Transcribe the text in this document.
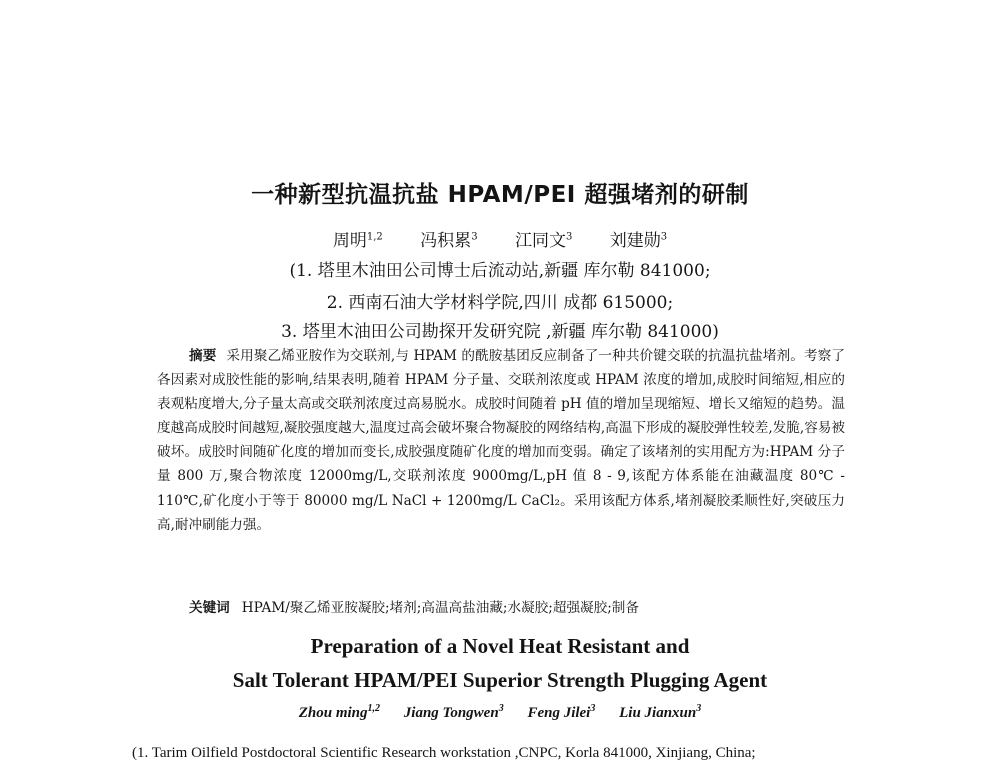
一种新型抗温抗盐 HPAM/PEI 超强堵剂的研制
周明$^{1,2}$ 冯积累$^3$ 江同文$^3$ 刘建勋$^3$
(1. 塔里木油田公司博士后流动站,新疆 库尔勒 841000;
2. 西南石油大学材料学院,四川 成都 615000;
3. 塔里木油田公司勘探开发研究院 ,新疆 库尔勒 841000)
摘要 采用聚乙烯亚胺作为交联剂,与 HPAM 的酰胺基团反应制备了一种共价键交联的抗温抗盐堵剂。考察了各因素对成胶性能的影响,结果表明,随着 HPAM 分子量、交联剂浓度或 HPAM 浓度的增加,成胶时间缩短,相应的表观粘度增大,分子量太高或交联剂浓度过高易脱水。成胶时间随着 pH 值的增加呈现缩短、增长又缩短的趋势。温度越高成胶时间越短,凝胶强度越大,温度过高会破坏聚合物凝胶的网络结构,高温下形成的凝胶弹性较差,发脆,容易被破坏。成胶时间随矿化度的增加而变长,成胶强度随矿化度的增加而变弱。确定了该堵剂的实用配方为:HPAM 分子量 800 万,聚合物浓度 12000mg/L,交联剂浓度 9000mg/L,pH 值 8 - 9,该配方体系能在油藏温度 80℃ - 110℃,矿化度小于等于 80000 mg/L NaCl + 1200mg/L CaCl₂。采用该配方体系,堵剂凝胶柔顺性好,突破压力高,耐冲刷能力强。
关键词 HPAM/聚乙烯亚胺凝胶;堵剂;高温高盐油藏;水凝胶;超强凝胶;制备
Preparation of a Novel Heat Resistant and
Salt Tolerant HPAM/PEI Superior Strength Plugging Agent
Zhou ming$^{1,2}$ Jiang Tongwen$^3$ Feng Jilei$^3$ Liu Jianxun$^3$
(1. Tarim Oilfield Postdoctoral Scientific Research workstation ,CNPC, Korla 841000, Xinjiang, China;
